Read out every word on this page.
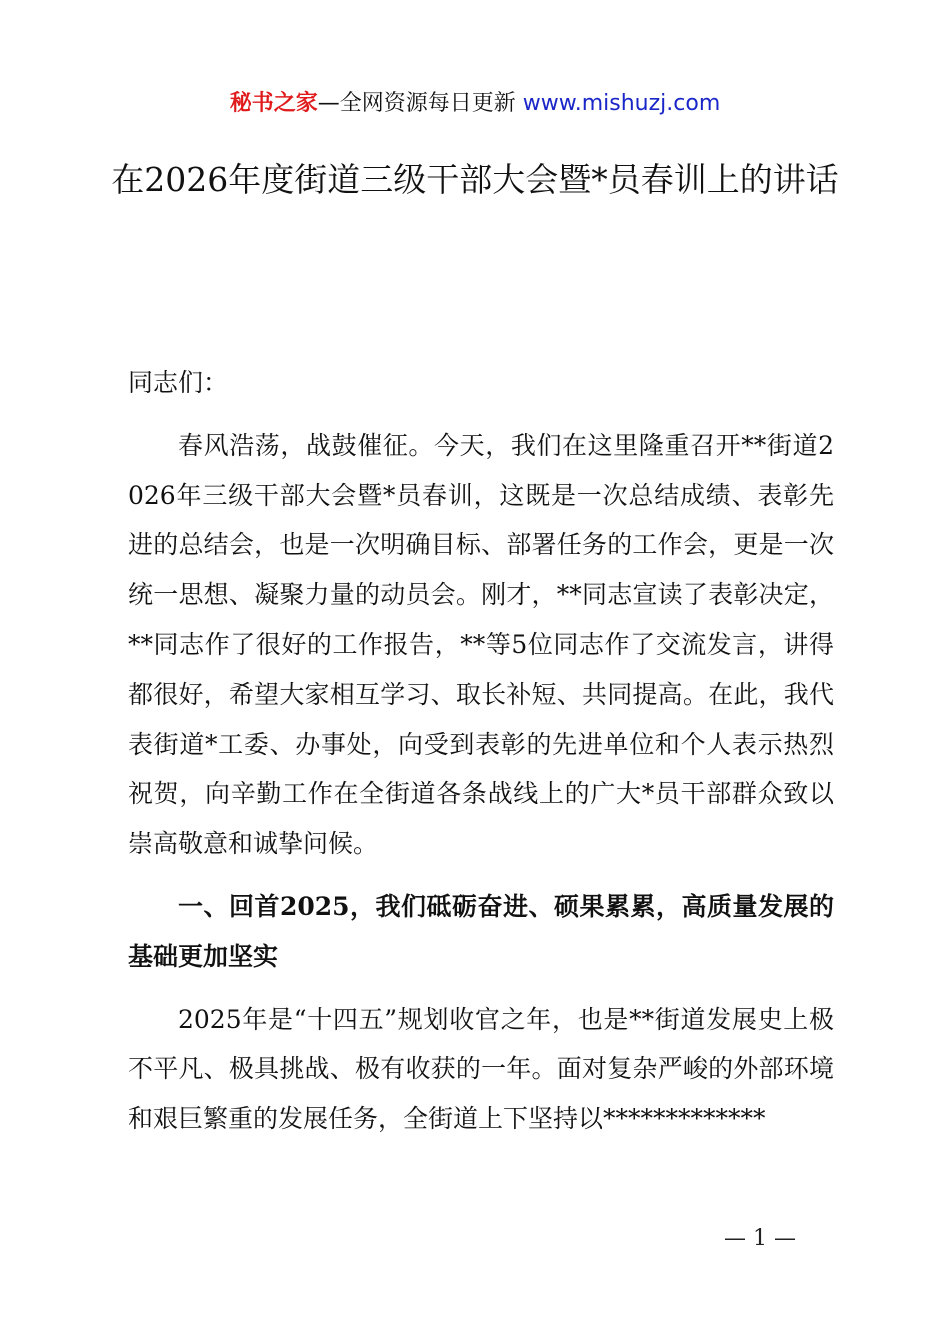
秘书之家—全网资源每日更新 www.mishuzj.com
在2026年度街道三级干部大会暨*员春训上的讲话

同志们：

春风浩荡，战鼓催征。今天，我们在这里隆重召开**街道2026年三级干部大会暨*员春训，这既是一次总结成绩、表彰先进的总结会，也是一次明确目标、部署任务的工作会，更是一次统一思想、凝聚力量的动员会。刚才，**同志宣读了表彰决定，**同志作了很好的工作报告，**等5位同志作了交流发言，讲得都很好，希望大家相互学习、取长补短、共同提高。在此，我代表街道*工委、办事处，向受到表彰的先进单位和个人表示热烈祝贺，向辛勤工作在全街道各条战线上的广大*员干部群众致以崇高敬意和诚挚问候。

一、回首2025，我们砥砺奋进、硕果累累，高质量发展的基础更加坚实

2025年是“十四五”规划收官之年，也是**街道发展史上极不平凡、极具挑战、极有收获的一年。面对复杂严峻的外部环境和艰巨繁重的发展任务，全街道上下坚持以*************

— 1 —
